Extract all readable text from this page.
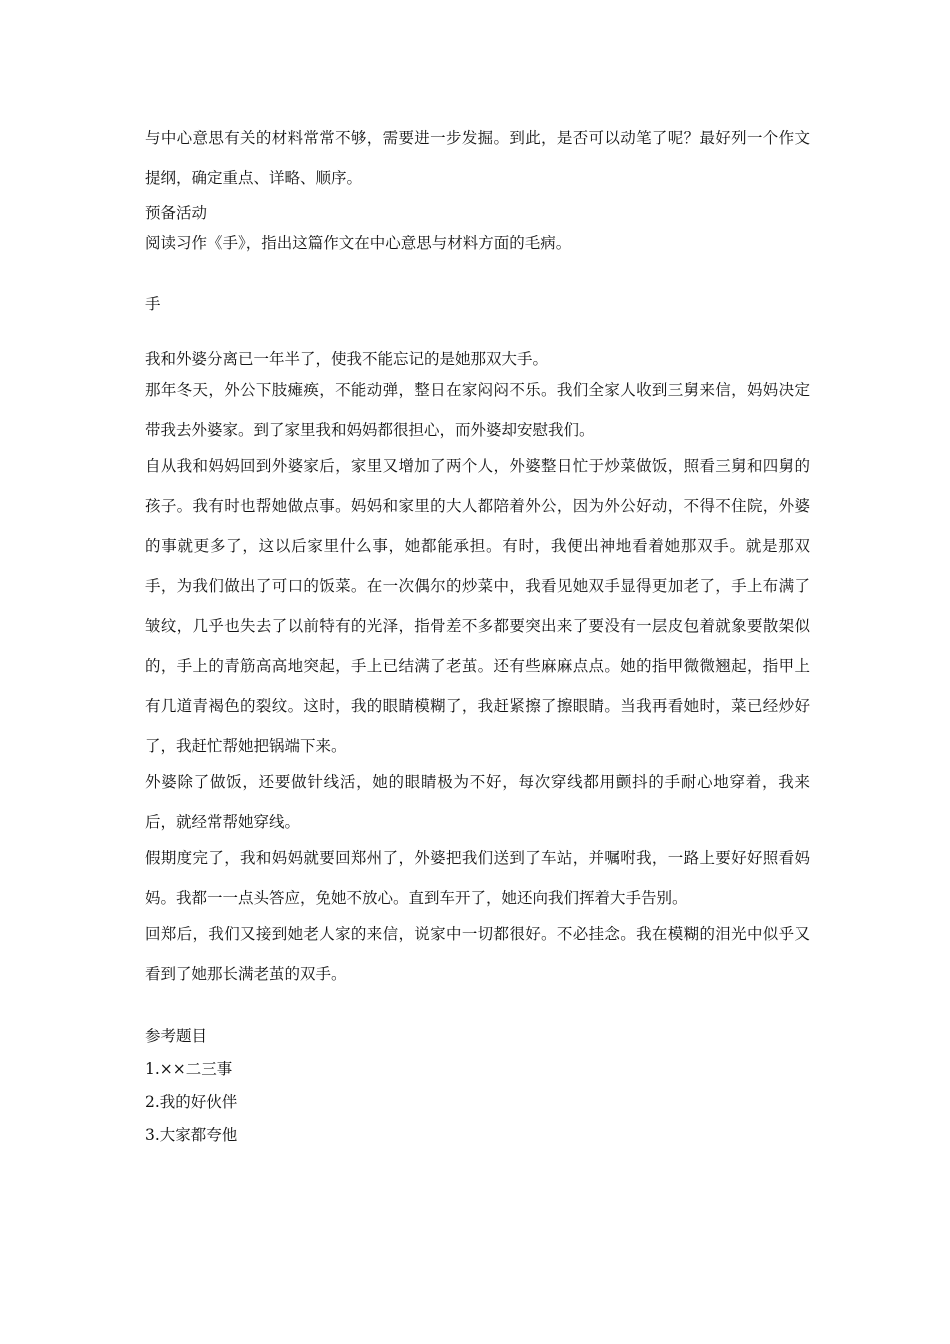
与中心意思有关的材料常常不够，需要进一步发掘。到此，是否可以动笔了呢？最好列一个作文提纲，确定重点、详略、顺序。

预备活动

阅读习作《手》，指出这篇作文在中心意思与材料方面的毛病。

手

我和外婆分离已一年半了，使我不能忘记的是她那双大手。

那年冬天，外公下肢瘫痪，不能动弹，整日在家闷闷不乐。我们全家人收到三舅来信，妈妈决定带我去外婆家。到了家里我和妈妈都很担心，而外婆却安慰我们。

自从我和妈妈回到外婆家后，家里又增加了两个人，外婆整日忙于炒菜做饭，照看三舅和四舅的孩子。我有时也帮她做点事。妈妈和家里的大人都陪着外公，因为外公好动，不得不住院，外婆的事就更多了，这以后家里什么事，她都能承担。有时，我便出神地看着她那双手。就是那双手，为我们做出了可口的饭菜。在一次偶尔的炒菜中，我看见她双手显得更加老了，手上布满了皱纹，几乎也失去了以前特有的光泽，指骨差不多都要突出来了要没有一层皮包着就象要散架似的，手上的青筋高高地突起，手上已结满了老茧。还有些麻麻点点。她的指甲微微翘起，指甲上有几道青褐色的裂纹。这时，我的眼睛模糊了，我赶紧擦了擦眼睛。当我再看她时，菜已经炒好了，我赶忙帮她把锅端下来。

外婆除了做饭，还要做针线活，她的眼睛极为不好，每次穿线都用颤抖的手耐心地穿着，我来后，就经常帮她穿线。

假期度完了，我和妈妈就要回郑州了，外婆把我们送到了车站，并嘱咐我，一路上要好好照看妈妈。我都一一点头答应，免她不放心。直到车开了，她还向我们挥着大手告别。

回郑后，我们又接到她老人家的来信，说家中一切都很好。不必挂念。我在模糊的泪光中似乎又看到了她那长满老茧的双手。

参考题目

1.××二三事

2.我的好伙伴

3.大家都夸他
